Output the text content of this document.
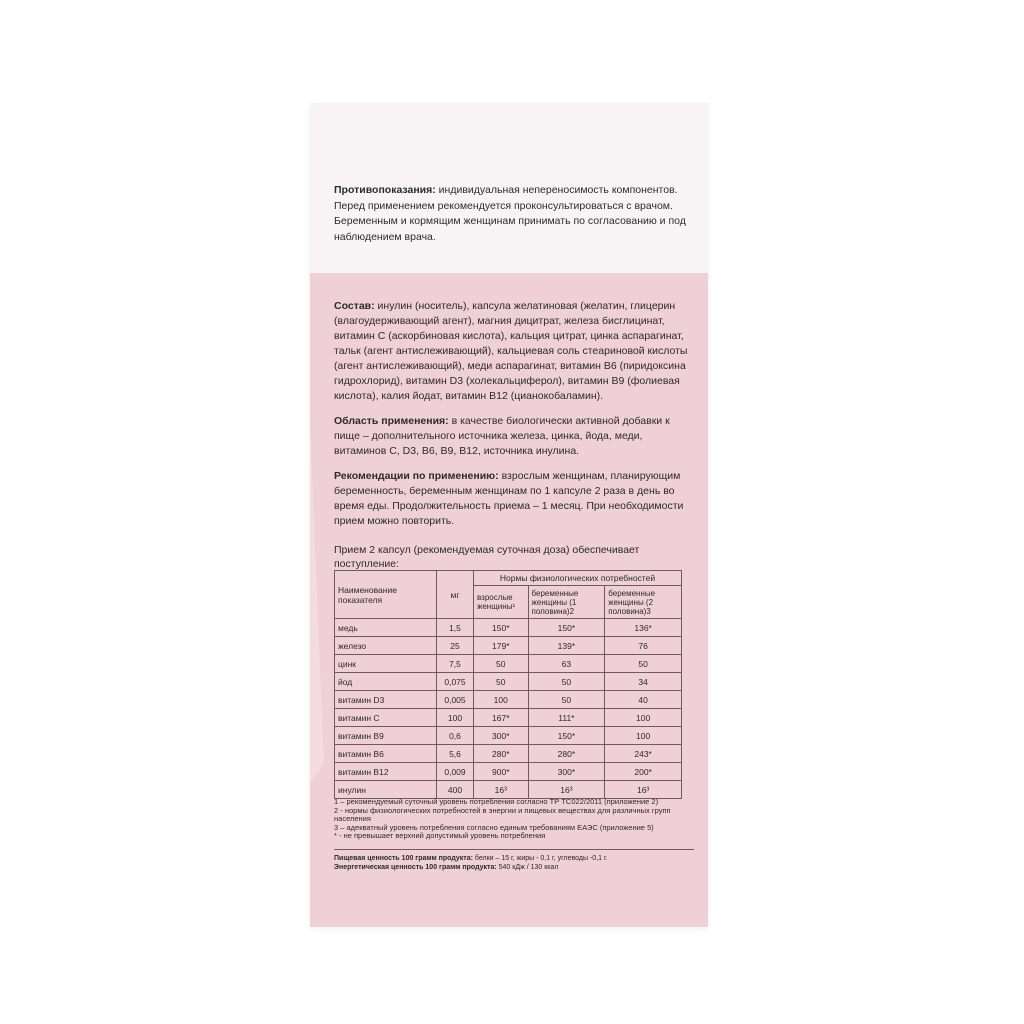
Противопоказания: индивидуальная непереносимость компонентов. Перед применением рекомендуется проконсультироваться с врачом. Беременным и кормящим женщинам принимать по согласованию и под наблюдением врача.

Состав: инулин (носитель), капсула желатиновая (желатин, глицерин (влагоудерживающий агент), магния дицитрат, железа бисглицинат, витамин С (аскорбиновая кислота), кальция цитрат, цинка аспарагинат, тальк (агент антислеживающий), кальциевая соль стеариновой кислоты (агент антислеживающий), меди аспарагинат, витамин В6 (пиридоксина гидрохлорид), витамин D3 (холекальциферол), витамин В9 (фолиевая кислота), калия йодат, витамин В12 (цианокобаламин).

Область применения: в качестве биологически активной добавки к пище – дополнительного источника железа, цинка, йода, меди, витаминов С, D3, В6, В9, В12, источника инулина.

Рекомендации по применению: взрослым женщинам, планирующим беременность, беременным женщинам по 1 капсуле 2 раза в день во время еды. Продолжительность приема – 1 месяц. При необходимости прием можно повторить.

Прием 2 капсул (рекомендуемая суточная доза) обеспечивает поступление:

Наименование показателя	мг	Нормы физиологических потребностей		
		взрослые женщины¹	беременные женщины (1 половина)2	беременные женщины (2 половина)3
медь	1,5	150*	150*	136*
железо	25	179*	139*	76
цинк	7,5	50	63	50
йод	0,075	50	50	34
витамин D3	0,005	100	50	40
витамин С	100	167*	111*	100
витамин В9	0,6	300*	150*	100
витамин В6	5,6	280*	280*	243*
витамин В12	0,009	900*	300*	200*
инулин	400	16³	16³	16³

1 – рекомендуемый суточный уровень потребления согласно ТР ТС022/2011 (приложение 2)

2 - нормы физиологических потребностей в энергии и пищевых веществах для различных групп населения

3 – адекватный уровень потребления согласно единым требованиям ЕАЭС (приложение 5)

* - не превышает верхний допустимый уровень потребления

Пищевая ценность 100 грамм продукта: белки – 15 г, жиры - 0,1 г, углеводы -0,1 г.

Энергетическая ценность 100 грамм продукта: 540 кДж / 130 ккал
